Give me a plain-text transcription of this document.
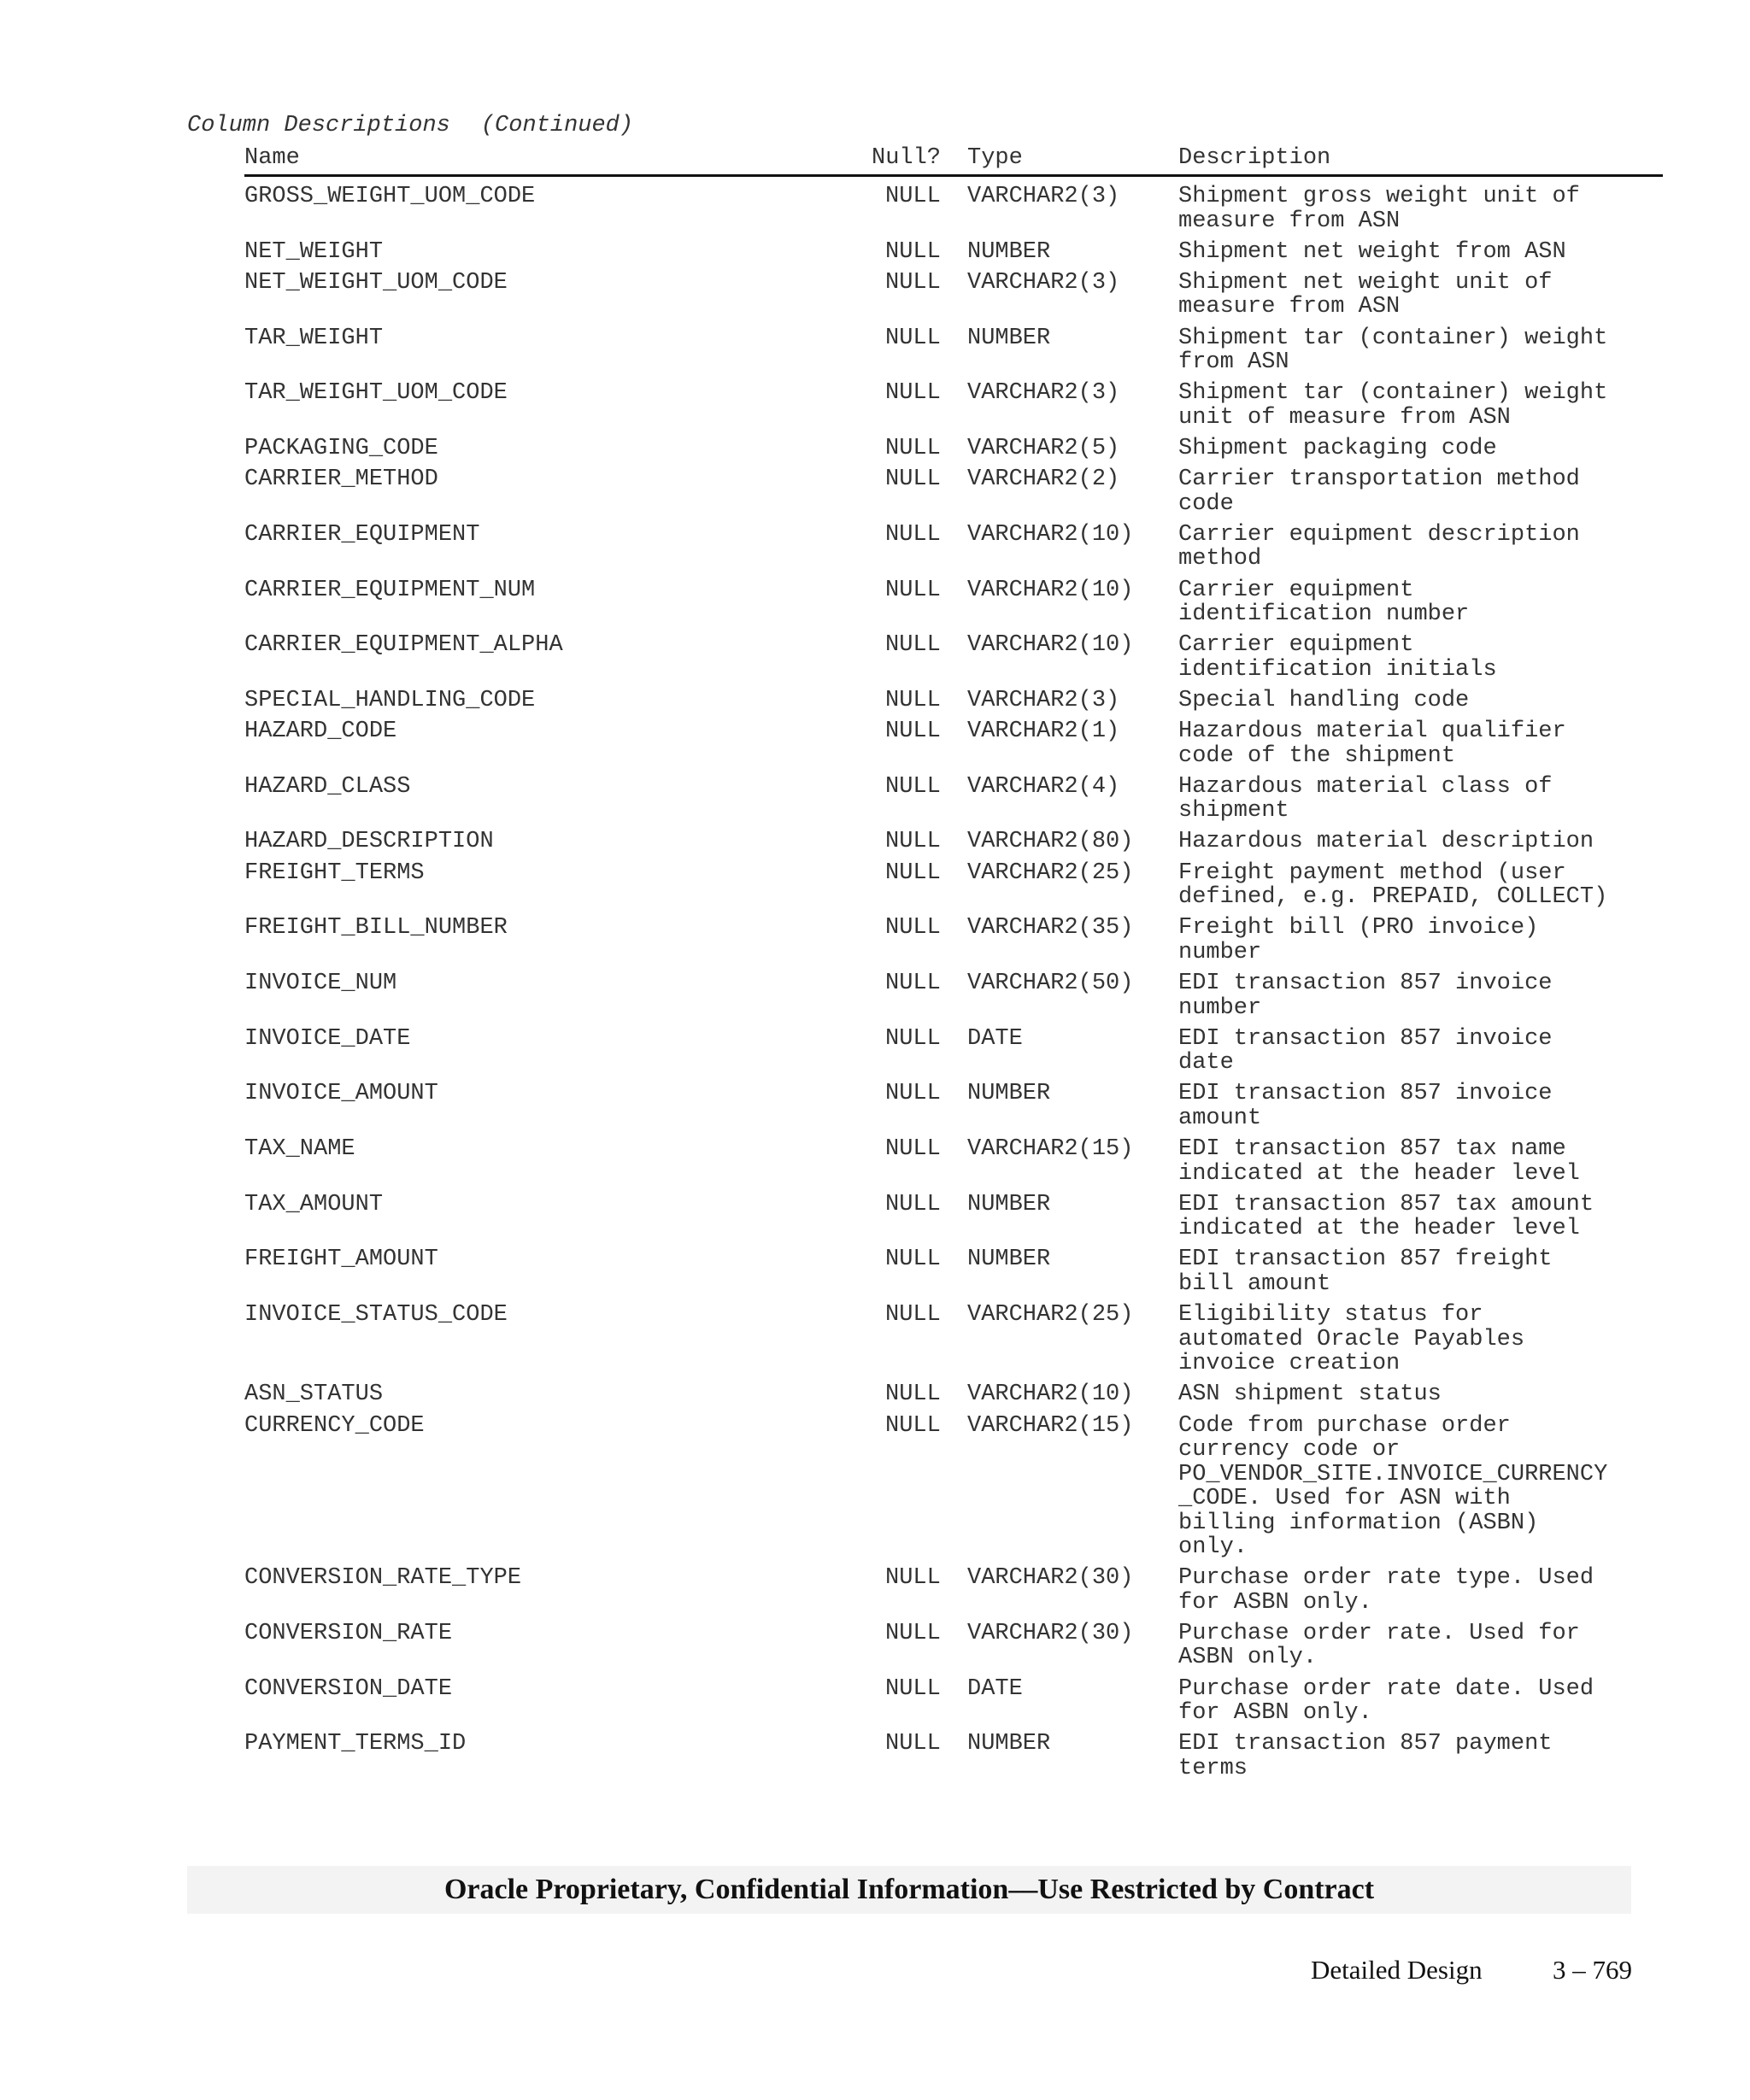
Column Descriptions (Continued)

Name	Null? Type	Description
GROSS_WEIGHT_UOM_CODE	NULL VARCHAR2(3)	Shipment gross weight unit of
measure from ASN
NET_WEIGHT	NULL NUMBER	Shipment net weight from ASN
NET_WEIGHT_UOM_CODE	NULL VARCHAR2(3)	Shipment net weight unit of
measure from ASN
TAR_WEIGHT	NULL NUMBER	Shipment tar (container) weight
from ASN
TAR_WEIGHT_UOM_CODE	NULL VARCHAR2(3)	Shipment tar (container) weight
unit of measure from ASN
PACKAGING_CODE	NULL VARCHAR2(5)	Shipment packaging code
CARRIER_METHOD	NULL VARCHAR2(2)	Carrier transportation method
code
CARRIER_EQUIPMENT	NULL VARCHAR2(10) Carrier equipment description
method
CARRIER_EQUIPMENT_NUM	NULL VARCHAR2(10) Carrier equipment
identification number
CARRIER_EQUIPMENT_ALPHA	NULL VARCHAR2(10) Carrier equipment
identification initials
SPECIAL_HANDLING_CODE	NULL VARCHAR2(3)	Special handling code
HAZARD_CODE	NULL VARCHAR2(1)	Hazardous material qualifier
code of the shipment
HAZARD_CLASS	NULL VARCHAR2(4)	Hazardous material class of
shipment
HAZARD_DESCRIPTION	NULL VARCHAR2(80) Hazardous material description
FREIGHT_TERMS	NULL VARCHAR2(25) Freight payment method (user
defined, e.g. PREPAID, COLLECT)
FREIGHT_BILL_NUMBER	NULL VARCHAR2(35) Freight bill (PRO invoice)
number
INVOICE_NUM	NULL VARCHAR2(50) EDI transaction 857 invoice
number
INVOICE_DATE	NULL DATE	EDI transaction 857 invoice
date
INVOICE_AMOUNT	NULL NUMBER	EDI transaction 857 invoice
amount
TAX_NAME	NULL VARCHAR2(15) EDI transaction 857 tax name
indicated at the header level
TAX_AMOUNT	NULL NUMBER	EDI transaction 857 tax amount
indicated at the header level
FREIGHT_AMOUNT	NULL NUMBER	EDI transaction 857 freight
bill amount
INVOICE_STATUS_CODE	NULL VARCHAR2(25) Eligibility status for
automated Oracle Payables
invoice creation
ASN_STATUS	NULL VARCHAR2(10) ASN shipment status
CURRENCY_CODE	NULL VARCHAR2(15) Code from purchase order
currency code or
PO_VENDOR_SITE.INVOICE_CURRENCY
_CODE. Used for ASN with
billing information (ASBN)
only.
CONVERSION_RATE_TYPE	NULL VARCHAR2(30) Purchase order rate type. Used
for ASBN only.
CONVERSION_RATE	NULL VARCHAR2(30) Purchase order rate. Used for
ASBN only.
CONVERSION_DATE	NULL DATE	Purchase order rate date. Used
for ASBN only.
PAYMENT_TERMS_ID	NULL NUMBER	EDI transaction 857 payment
terms
Oracle Proprietary, Confidential Information––Use Restricted by Contract
Detailed Design	3 – 769
